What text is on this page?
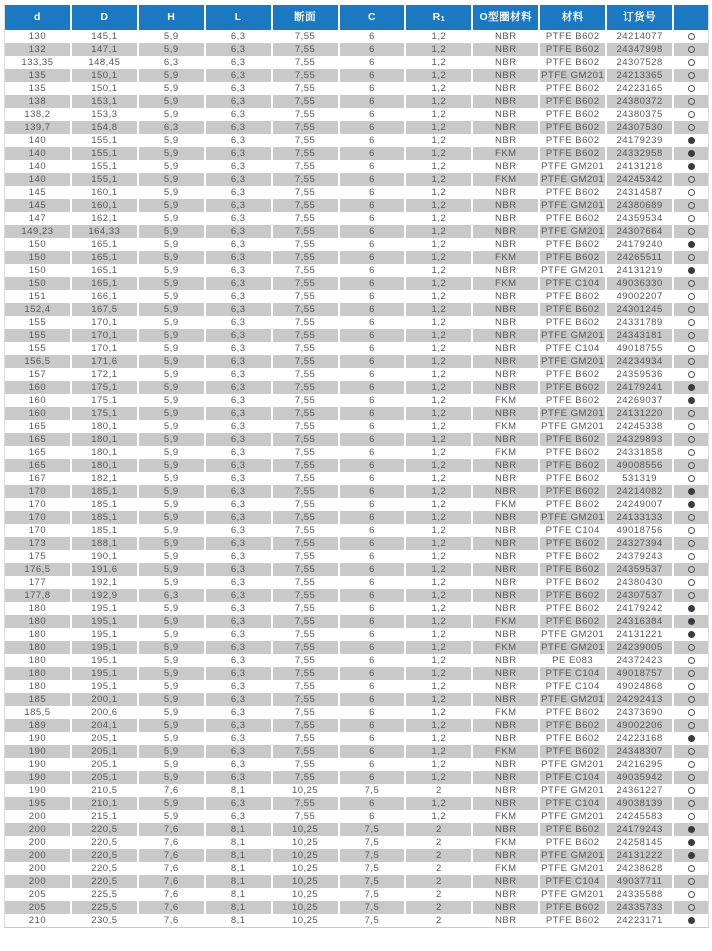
d	D	H	L	断面	C	R 1	O型圈材料	材料	订货号
130	145,1	5,9	6,3	7,55	6	1,2	NBR	PTFE B602	24214077
132	147,1	5,9	6,3	7,55	6	1,2	NBR	PTFE B602	24347998
133,35	148,45	6,3	6,3	7,55	6	1,2	NBR	PTFE B602	24307528
135	150,1	5,9	6,3	7,55	6	1,2	NBR	PTFE GM201	24213365
135	150,1	5,9	6,3	7,55	6	1,2	NBR	PTFE B602	24223165
138	153,1	5,9	6,3	7,55	6	1,2	NBR	PTFE B602	24380372
138,2	153,3	5,9	6,3	7,55	6	1,2	NBR	PTFE B602	24380375
139,7	154,8	6,3	6,3	7,55	6	1,2	NBR	PTFE B602	24307530
140	155,1	5,9	6,3	7,55	6	1,2	NBR	PTFE B602	24179239
140	155,1	5,9	6,3	7,55	6	1,2	FKM	PTFE B602	24332958
140	155,1	5,9	6,3	7,55	6	1,2	NBR	PTFE GM201	24131218
140	155,1	5,9	6,3	7,55	6	1,2	FKM	PTFE GM201	24245342
145	160,1	5,9	6,3	7,55	6	1,2	NBR	PTFE B602	24314587
145	160,1	5,9	6,3	7,55	6	1,2	NBR	PTFE GM201	24380689
147	162,1	5,9	6,3	7,55	6	1,2	NBR	PTFE B602	24359534
149,23	164,33	5,9	6,3	7,55	6	1,2	NBR	PTFE GM201	24307664
150	165,1	5,9	6,3	7,55	6	1,2	NBR	PTFE B602	24179240
150	165,1	5,9	6,3	7,55	6	1,2	FKM	PTFE B602	24265511
150	165,1	5,9	6,3	7,55	6	1,2	NBR	PTFE GM201	24131219
150	165,1	5,9	6,3	7,55	6	1,2	FKM	PTFE C104	49036330
151	166,1	5,9	6,3	7,55	6	1,2	NBR	PTFE B602	49002207
152,4	167,5	5,9	6,3	7,55	6	1,2	NBR	PTFE B602	24301245
155	170,1	5,9	6,3	7,55	6	1,2	NBR	PTFE B602	24331789
155	170,1	5,9	6,3	7,55	6	1,2	NBR	PTFE GM201	24343181
155	170,1	5,9	6,3	7,55	6	1,2	NBR	PTFE C104	49018755
156,5	171,6	5,9	6,3	7,55	6	1,2	NBR	PTFE GM201	24234934
157	172,1	5,9	6,3	7,55	6	1,2	NBR	PTFE B602	24359536
160	175,1	5,9	6,3	7,55	6	1,2	NBR	PTFE B602	24179241
160	175,1	5,9	6,3	7,55	6	1,2	FKM	PTFE B602	24269037
160	175,1	5,9	6,3	7,55	6	1,2	NBR	PTFE GM201	24131220
165	180,1	5,9	6,3	7,55	6	1,2	FKM	PTFE GM201	24245338
165	180,1	5,9	6,3	7,55	6	1,2	NBR	PTFE B602	24329893
165	180,1	5,9	6,3	7,55	6	1,2	FKM	PTFE B602	24331858
165	180,1	5,9	6,3	7,55	6	1,2	NBR	PTFE B602	49008556
167	182,1	5,9	6,3	7,55	6	1,2	NBR	PTFE B602	531319
170	185,1	5,9	6,3	7,55	6	1,2	NBR	PTFE B602	24214082
170	185,1	5,9	6,3	7,55	6	1,2	FKM	PTFE B602	24249007
170	185,1	5,9	6,3	7,55	6	1,2	NBR	PTFE GM201	24133133
170	185,1	5,9	6,3	7,55	6	1,2	NBR	PTFE C104	49018756
173	188,1	5,9	6,3	7,55	6	1,2	NBR	PTFE B602	24327394
175	190,1	5,9	6,3	7,55	6	1,2	NBR	PTFE B602	24379243
176,5	191,6	5,9	6,3	7,55	6	1,2	NBR	PTFE B602	24359537
177	192,1	5,9	6,3	7,55	6	1,2	NBR	PTFE B602	24380430
177,8	192,9	6,3	6,3	7,55	6	1,2	NBR	PTFE B602	24307537
180	195,1	5,9	6,3	7,55	6	1,2	NBR	PTFE B602	24179242
180	195,1	5,9	6,3	7,55	6	1,2	FKM	PTFE B602	24316384
180	195,1	5,9	6,3	7,55	6	1,2	NBR	PTFE GM201	24131221
180	195,1	5,9	6,3	7,55	6	1,2	FKM	PTFE GM201	24239005
180	195,1	5,9	6,3	7,55	6	1,2	NBR	PE E083	24372423
180	195,1	5,9	6,3	7,55	6	1,2	NBR	PTFE C104	49018757
180	195,1	5,9	6,3	7,55	6	1,2	NBR	PTFE C104	49024868
185	200,1	5,9	6,3	7,55	6	1,2	NBR	PTFE GM201	24292413
185,5	200,6	5,9	6,3	7,55	6	1,2	FKM	PTFE B602	24373690
189	204,1	5,9	6,3	7,55	6	1,2	NBR	PTFE B602	49002206
190	205,1	5,9	6,3	7,55	6	1,2	NBR	PTFE B602	24223168
190	205,1	5,9	6,3	7,55	6	1,2	FKM	PTFE B602	24348307
190	205,1	5,9	6,3	7,55	6	1,2	NBR	PTFE GM201	24216295
190	205,1	5,9	6,3	7,55	6	1,2	NBR	PTFE C104	49035942
190	210,5	7,6	8,1	10,25	7,5	2	NBR	PTFE GM201	24361227
195	210,1	5,9	6,3	7,55	6	1,2	NBR	PTFE C104	49038139
200	215,1	5,9	6,3	7,55	6	1,2	FKM	PTFE GM201	24245583
200	220,5	7,6	8,1	10,25	7,5	2	NBR	PTFE B602	24179243
200	220,5	7,6	8,1	10,25	7,5	2	FKM	PTFE B602	24258145
200	220,5	7,6	8,1	10,25	7,5	2	NBR	PTFE GM201	24131222
200	220,5	7,6	8,1	10,25	7,5	2	FKM	PTFE GM201	24238628
200	220,5	7,6	8,1	10,25	7,5	2	NBR	PTFE C104	49037711
205	225,5	7,6	8,1	10,25	7,5	2	NBR	PTFE GM201	24335588
205	225,5	7,6	8,1	10,25	7,5	2	NBR	PTFE B602	24335733
210	230,5	7,6	8,1	10,25	7,5	2	NBR	PTFE B602	24223171
